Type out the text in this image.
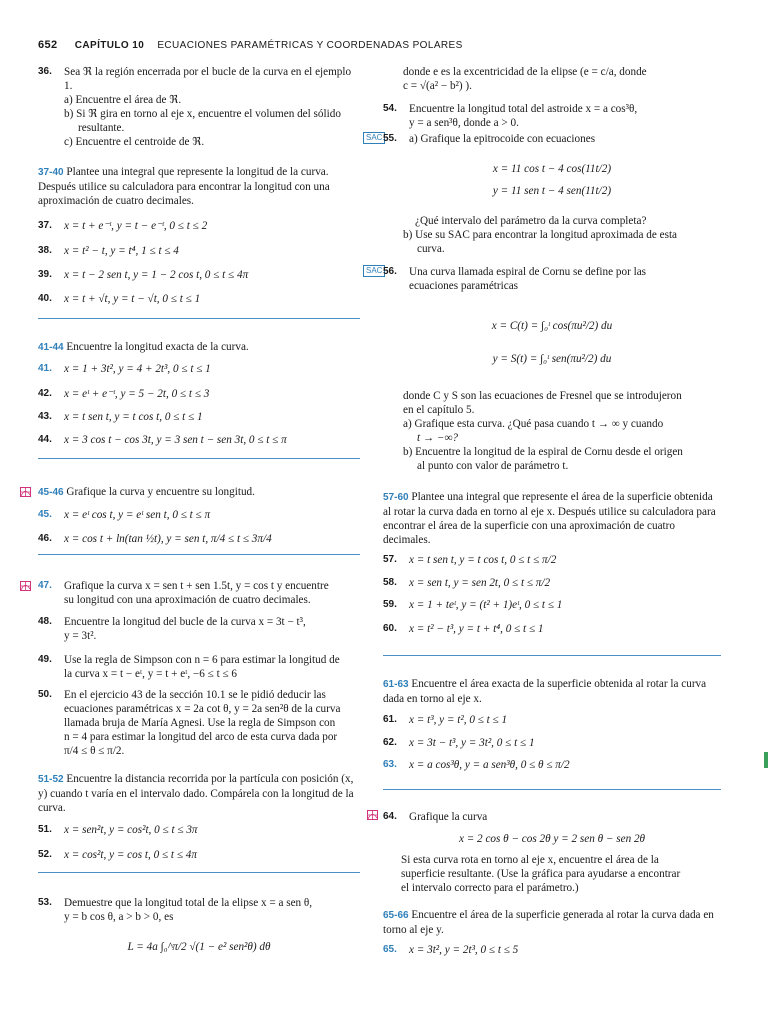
652 CAPÍTULO 10 ECUACIONES PARAMÉTRICAS Y COORDENADAS POLARES
36.	Sea ℜ la región encerrada por el bucle de la curva en el ejemplo 1.
a) Encuentre el área de ℜ.
b) Si ℜ gira en torno al eje x, encuentre el volumen del sólido
resultante.
c) Encuentre el centroide de ℜ.
37-40 Plantee una integral que represente la longitud de la curva. Después utilice su calculadora para encontrar la longitud con una aproximación de cuatro decimales.
37.	x = t + e⁻ᵗ, y = t − e⁻ᵗ, 0 ≤ t ≤ 2
38.	x = t² − t, y = t⁴, 1 ≤ t ≤ 4
39.	x = t − 2 sen t, y = 1 − 2 cos t, 0 ≤ t ≤ 4π
40.	x = t + √t, y = t − √t, 0 ≤ t ≤ 1
41-44 Encuentre la longitud exacta de la curva.
41.	x = 1 + 3t², y = 4 + 2t³, 0 ≤ t ≤ 1
42.	x = eᵗ + e⁻ᵗ, y = 5 − 2t, 0 ≤ t ≤ 3
43.	x = t sen t, y = t cos t, 0 ≤ t ≤ 1
44.	x = 3 cos t − cos 3t, y = 3 sen t − sen 3t, 0 ≤ t ≤ π
45-46 Grafique la curva y encuentre su longitud.
45.	x = eᵗ cos t, y = eᵗ sen t, 0 ≤ t ≤ π
46.	x = cos t + ln(tan ½t), y = sen t, π/4 ≤ t ≤ 3π/4
47.	Grafique la curva x = sen t + sen 1.5t, y = cos t y encuentre
su longitud con una aproximación de cuatro decimales.
48.	Encuentre la longitud del bucle de la curva x = 3t − t³,
y = 3t².
49.	Use la regla de Simpson con n = 6 para estimar la longitud de
la curva x = t − eᵗ, y = t + eᵗ, −6 ≤ t ≤ 6
50.	En el ejercicio 43 de la sección 10.1 se le pidió deducir las
ecuaciones paramétricas x = 2a cot θ, y = 2a sen²θ de la curva
llamada bruja de María Agnesi. Use la regla de Simpson con
n = 4 para estimar la longitud del arco de esta curva dada por
π/4 ≤ θ ≤ π/2.
51-52 Encuentre la distancia recorrida por la partícula con posición (x, y) cuando t varía en el intervalo dado. Compárela con la longitud de la curva.
51.	x = sen²t, y = cos²t, 0 ≤ t ≤ 3π
52.	x = cos²t, y = cos t, 0 ≤ t ≤ 4π
53.	Demuestre que la longitud total de la elipse x = a sen θ,
y = b cos θ, a > b > 0, es
L = 4a ∫₀^π/2 √(1 − e² sen²θ) dθ
donde e es la excentricidad de la elipse (e = c/a, donde
c = √(a² − b²) ).
54.	Encuentre la longitud total del astroide x = a cos³θ,
y = a sen³θ, donde a > 0.
SAC 55.	a) Grafique la epitrocoide con ecuaciones
x = 11 cos t − 4 cos(11t/2)
y = 11 sen t − 4 sen(11t/2)
¿Qué intervalo del parámetro da la curva completa?
b) Use su SAC para encontrar la longitud aproximada de esta
curva.
SAC 56.	Una curva llamada espiral de Cornu se define por las
ecuaciones paramétricas
x = C(t) = ∫₀ᵗ cos(πu²/2) du
y = S(t) = ∫₀ᵗ sen(πu²/2) du
donde C y S son las ecuaciones de Fresnel que se introdujeron
en el capítulo 5.
a) Grafique esta curva. ¿Qué pasa cuando t → ∞ y cuando
t → −∞?
b) Encuentre la longitud de la espiral de Cornu desde el origen
al punto con valor de parámetro t.
57-60 Plantee una integral que represente el área de la superficie obtenida al rotar la curva dada en torno al eje x. Después utilice su calculadora para encontrar el área de la superficie con una aproximación de cuatro decimales.
57.	x = t sen t, y = t cos t, 0 ≤ t ≤ π/2
58.	x = sen t, y = sen 2t, 0 ≤ t ≤ π/2
59.	x = 1 + teᵗ, y = (t² + 1)eᵗ, 0 ≤ t ≤ 1
60.	x = t² − t³, y = t + t⁴, 0 ≤ t ≤ 1
61-63 Encuentre el área exacta de la superficie obtenida al rotar la curva dada en torno al eje x.
61.	x = t³, y = t², 0 ≤ t ≤ 1
62.	x = 3t − t³, y = 3t², 0 ≤ t ≤ 1
63.	x = a cos³θ, y = a sen³θ, 0 ≤ θ ≤ π/2
64.	Grafique la curva
x = 2 cos θ − cos 2θ y = 2 sen θ − sen 2θ
Si esta curva rota en torno al eje x, encuentre el área de la
superficie resultante. (Use la gráfica para ayudarse a encontrar
el intervalo correcto para el parámetro.)
65-66 Encuentre el área de la superficie generada al rotar la curva dada en torno al eje y.
65.	x = 3t², y = 2t³, 0 ≤ t ≤ 5
